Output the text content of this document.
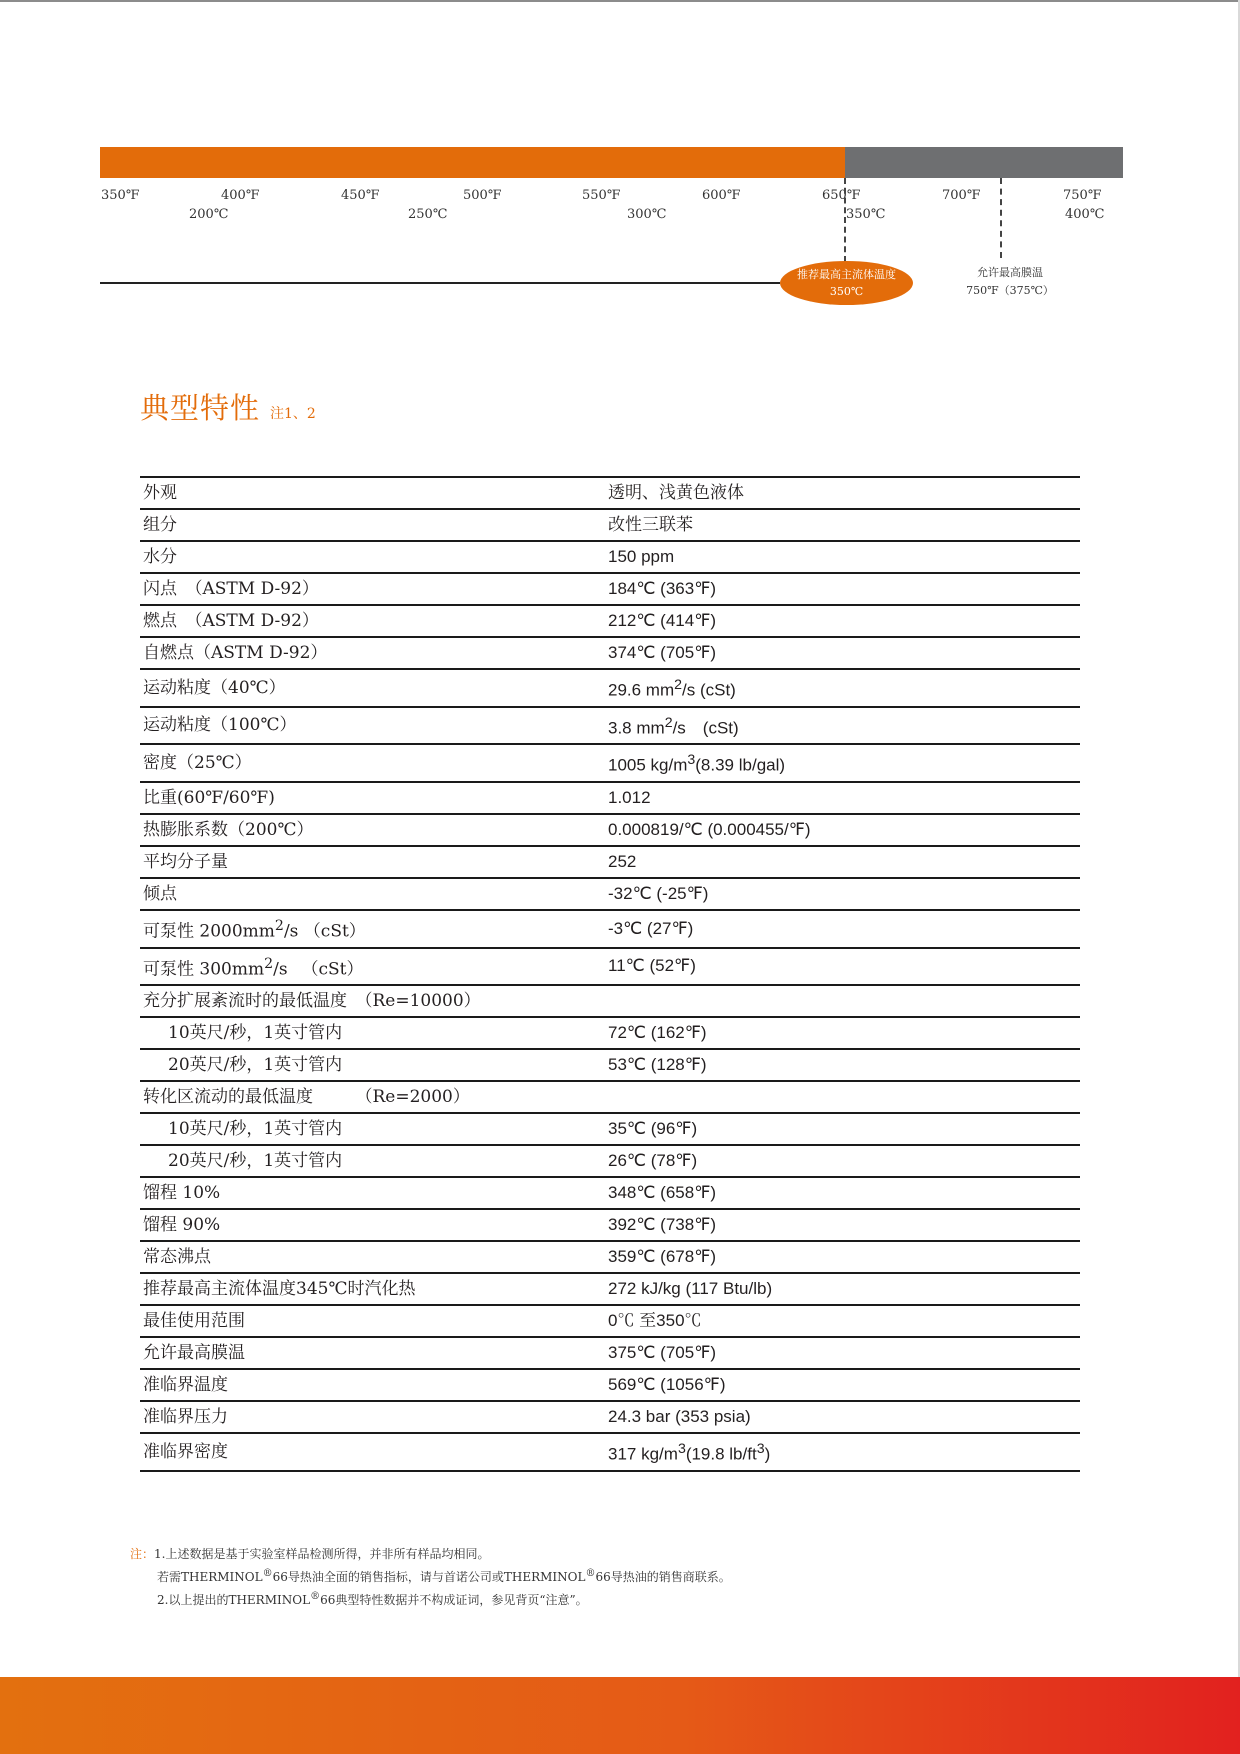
350℉	400℉	450℉	500℉	550℉	600℉	650℉	700℉	750℉
200℃	250℃	300℃	350℃	400℃
推荐最高主流体温度
350℃
允许最高膜温
750℉（375℃）
典型特性 注1、2
外观	透明、浅黄色液体
组分	改性三联苯
水分	150 ppm
闪点　（ASTM D-92）	184℃ (363℉)
燃点　（ASTM D-92）	212℃ (414℉)
自燃点（ASTM D-92）	374℃ (705℉)
运动粘度（40℃）	29.6 $mm^2/s$ (cSt)
运动粘度（100℃）	3.8 $mm^2/s$　(cSt)
密度（25℃）	1005 $kg/m^3(8.39$ lb/gal)
比重(60℉/60℉)	1.012
热膨胀系数（200℃）	0.000819/℃ (0.000455/℉)
平均分子量	252
倾点	-32℃ (-25℉)
可泵性 $2000mm^2/s$ （cSt）	-3℃ (27℉)
可泵性 $300mm^2/s$ 　（cSt）	11℃ (52℉)
充分扩展紊流时的最低温度　（Re=10000）	
10英尺/秒，1英寸管内	72℃ (162℉)
20英尺/秒，1英寸管内	53℃ (128℉)
转化区流动的最低温度　　　（Re=2000）	
10英尺/秒，1英寸管内	35℃ (96℉)
20英尺/秒，1英寸管内	26℃ (78℉)
馏程 10%	348℃ (658℉)
馏程 90%	392℃ (738℉)
常态沸点	359℃ (678℉)
推荐最高主流体温度345℃时汽化热	272 kJ/kg (117 Btu/lb)
最佳使用范围	0℃ 至350℃
允许最高膜温	375℃ (705℉)
准临界温度	569℃ (1056℉)
准临界压力	24.3 bar (353 psia)
准临界密度	317 $kg/m^3(19.8$ $lb/ft^3$)
注：1.上述数据是基于实验室样品检测所得，并非所有样品均相同。
若需THERMINOL®66导热油全面的销售指标，请与首诺公司或THERMINOL®66导热油的销售商联系。
2.以上提出的THERMINOL®66典型特性数据并不构成证词，参见背页“注意”。
